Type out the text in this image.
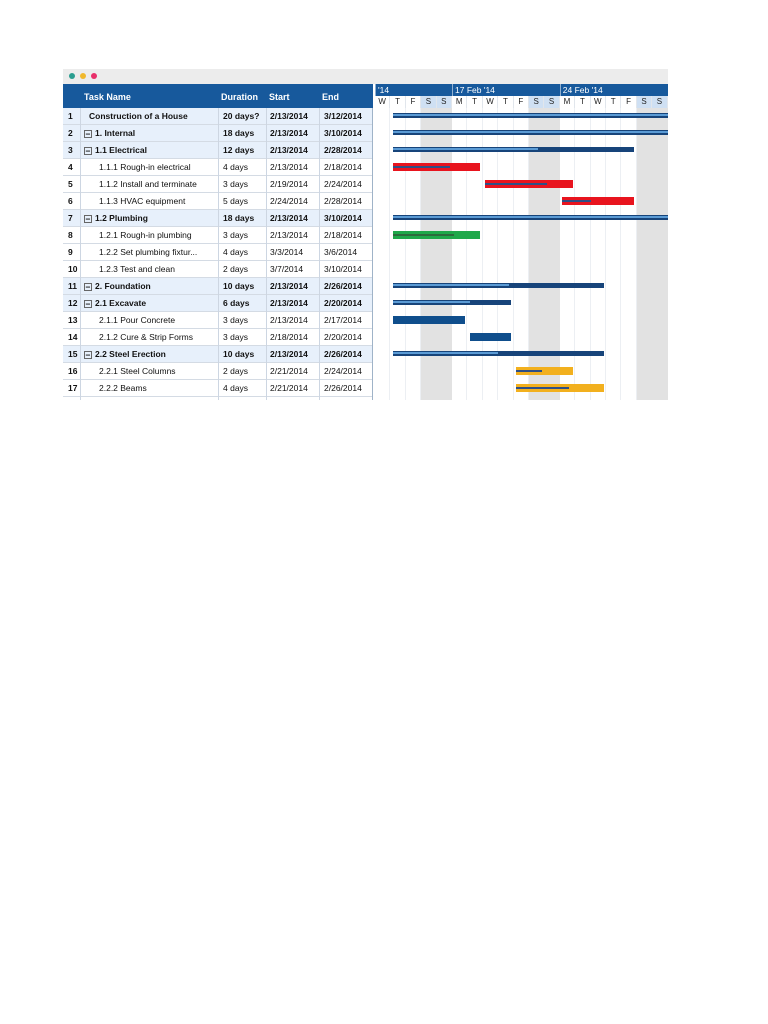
Task Name	Duration Start	End
1 Construction of a House	20 days? 2/13/2014 3/12/2014
2 − 1. Internal	18 days 2/13/2014 3/10/2014
3 − 1.1 Electrical	12 days 2/13/2014 2/28/2014
4	1.1.1 Rough-in electrical	4 days	2/13/2014 2/18/2014
5	1.1.2 Install and terminate	3 days	2/19/2014 2/24/2014
6	1.1.3 HVAC equipment	5 days	2/24/2014 2/28/2014
7 − 1.2 Plumbing	18 days 2/13/2014 3/10/2014
8	1.2.1 Rough-in plumbing	3 days	2/13/2014 2/18/2014
9	1.2.2 Set plumbing fixtur...	4 days	3/3/2014 3/6/2014
10	1.2.3 Test and clean	2 days	3/7/2014 3/10/2014
11 − 2. Foundation	10 days 2/13/2014 2/26/2014
12 − 2.1 Excavate	6 days 2/13/2014 2/20/2014
13	2.1.1 Pour Concrete	3 days	2/13/2014 2/17/2014
14	2.1.2 Cure & Strip Forms	3 days	2/18/2014 2/20/2014
15 − 2.2 Steel Erection	10 days 2/13/2014 2/26/2014
16	2.2.1 Steel Columns	2 days	2/21/2014 2/24/2014
17	2.2.2 Beams	4 days	2/21/2014 2/26/2014
'14	17 Feb '14	24 Feb '14
W	T	F	S	S	M	T	W	T	F	S	S	M	T	W	T	F	S	S
